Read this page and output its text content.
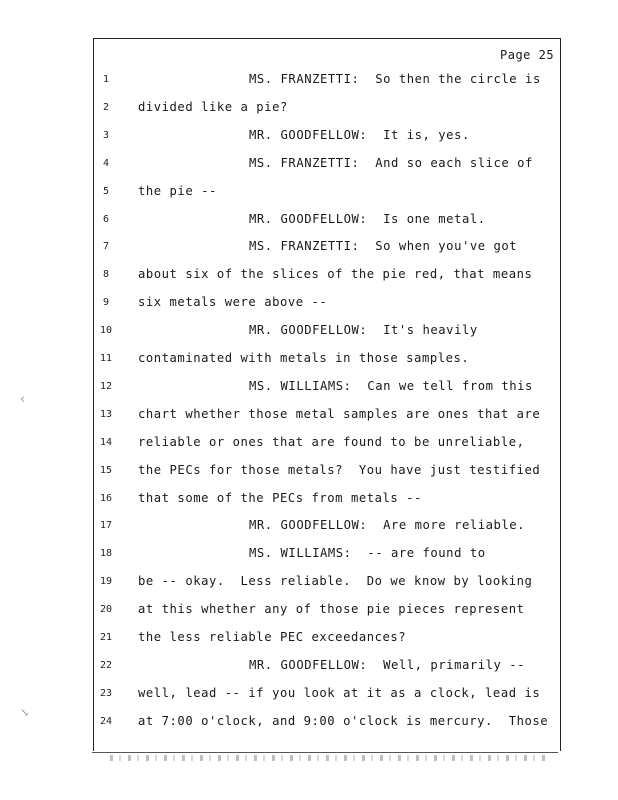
‹
↘
Page 25
1	MS. FRANZETTI:  So then the circle is
2	divided like a pie?
3	MR. GOODFELLOW:  It is, yes.
4	MS. FRANZETTI:  And so each slice of
5	the pie --
6	MR. GOODFELLOW:  Is one metal.
7	MS. FRANZETTI:  So when you've got
8	about six of the slices of the pie red, that means
9	six metals were above --
10	MR. GOODFELLOW:  It's heavily
11	contaminated with metals in those samples.
12	MS. WILLIAMS:  Can we tell from this
13	chart whether those metal samples are ones that are
14	reliable or ones that are found to be unreliable,
15	the PECs for those metals?  You have just testified
16	that some of the PECs from metals --
17	MR. GOODFELLOW:  Are more reliable.
18	MS. WILLIAMS:  -- are found to
19	be -- okay.  Less reliable.  Do we know by looking
20	at this whether any of those pie pieces represent
21	the less reliable PEC exceedances?
22	MR. GOODFELLOW:  Well, primarily --
23	well, lead -- if you look at it as a clock, lead is
24	at 7:00 o'clock, and 9:00 o'clock is mercury.  Those
